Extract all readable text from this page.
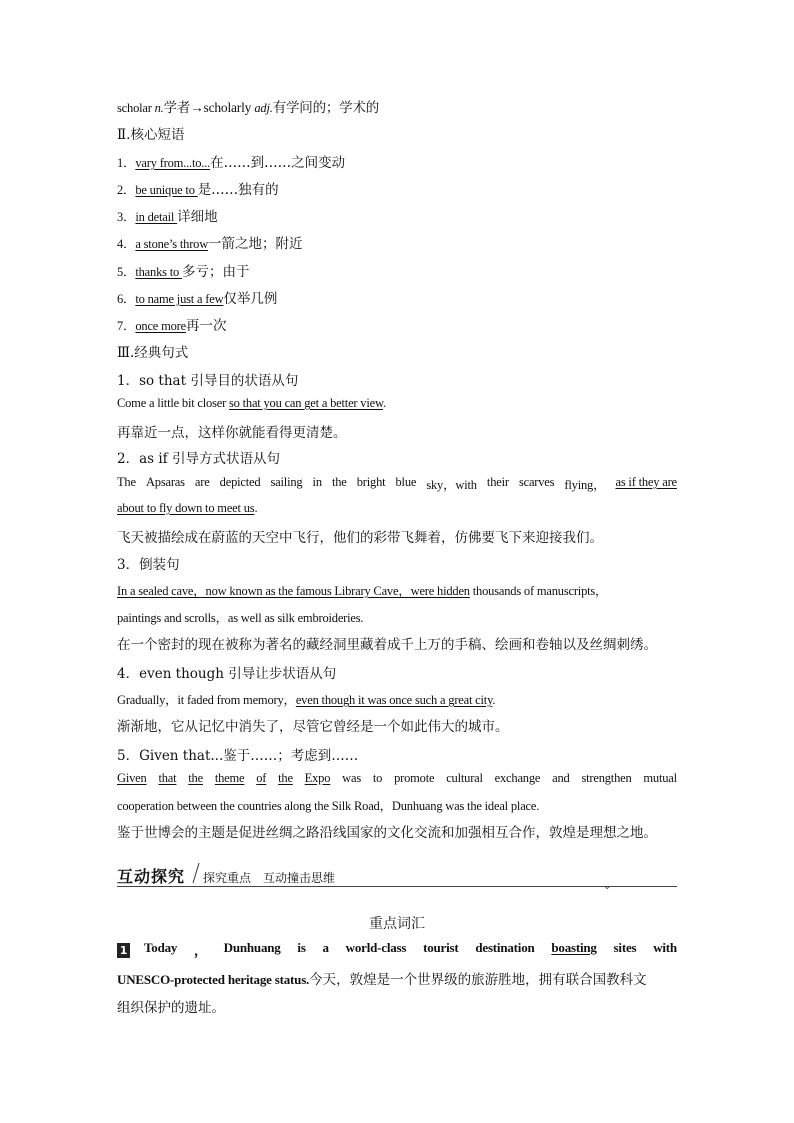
scholar n.学者→scholarly adj.有学问的；学术的
Ⅱ.核心短语
1．vary from...to...在……到……之间变动
2．be unique to 是……独有的
3．in detail 详细地
4．a stone’s throw一箭之地；附近
5．thanks to 多亏；由于
6．to name just a few仅举几例
7．once more再一次
Ⅲ.经典句式
1．so that 引导目的状语从句
Come a little bit closer so that you can get a better view.
再靠近一点，这样你就能看得更清楚。
2．as if 引导方式状语从句
The Apsaras are depicted sailing in the bright blue sky，with their scarves flying， as if they are
about to fly down to meet us.
飞天被描绘成在蔚蓝的天空中飞行，他们的彩带飞舞着，仿佛要飞下来迎接我们。
3．倒装句
In a sealed cave，now known as the famous Library Cave，were hidden thousands of manuscripts，
paintings and scrolls，as well as silk embroideries.
在一个密封的现在被称为著名的藏经洞里藏着成千上万的手稿、绘画和卷轴以及丝绸刺绣。
4．even though 引导让步状语从句
Gradually，it faded from memory，even though it was once such a great city.
渐渐地，它从记忆中消失了，尽管它曾经是一个如此伟大的城市。
5．Given that...鉴于……；考虑到……
Given that the theme of the Expo was to promote cultural exchange and strengthen mutual
cooperation between the countries along the Silk Road，Dunhuang was the ideal place.
鉴于世博会的主题是促进丝绸之路沿线国家的文化交流和加强相互合作，敦煌是理想之地。
互动探究 探究重点　互动撞击思维
⌄
重点词汇
1 Today ， Dunhuang is a world-class tourist destination boasting sites with
UNESCO-protected heritage status.今天，敦煌是一个世界级的旅游胜地，拥有联合国教科文
组织保护的遗址。
